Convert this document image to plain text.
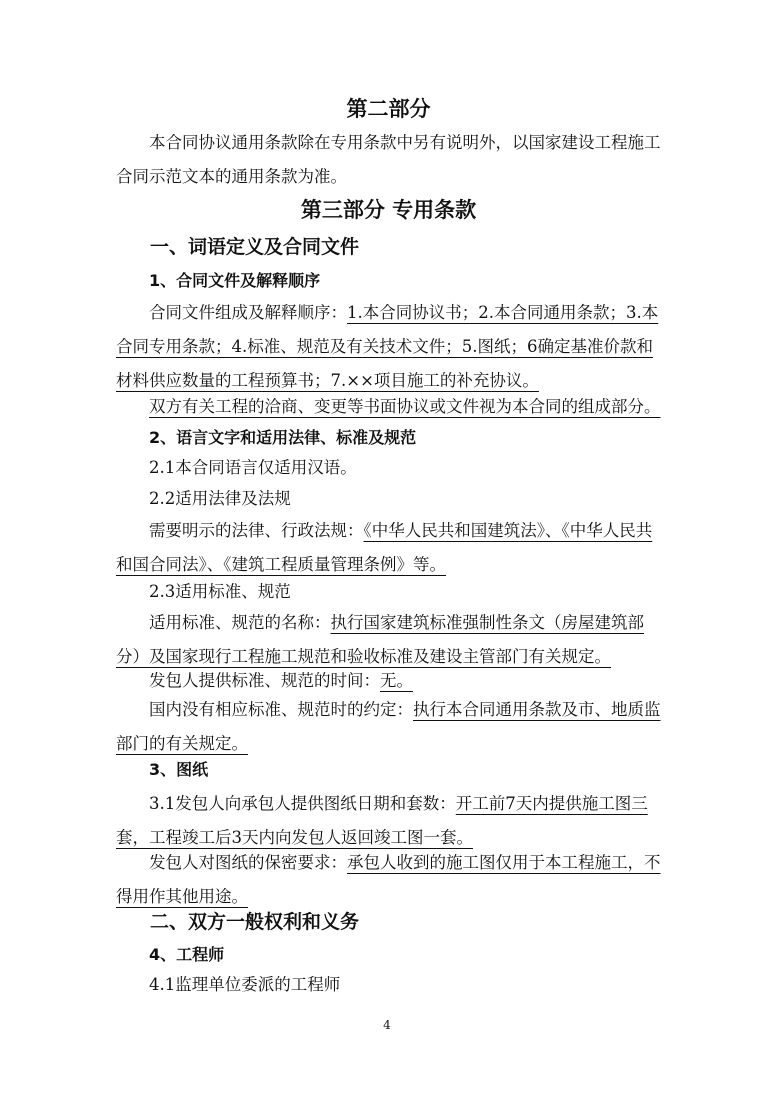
第二部分

本合同协议通用条款除在专用条款中另有说明外，以国家建设工程施工合同示范文本的通用条款为准。

第三部分 专用条款
一、词语定义及合同文件
1、合同文件及解释顺序

合同文件组成及解释顺序：1.本合同协议书；2.本合同通用条款；3.本合同专用条款；4.标准、规范及有关技术文件；5.图纸；6确定基准价款和材料供应数量的工程预算书；7.××项目施工的补充协议。

双方有关工程的洽商、变更等书面协议或文件视为本合同的组成部分。

2、语言文字和适用法律、标准及规范

2.1本合同语言仅适用汉语。

2.2适用法律及法规

需要明示的法律、行政法规：《中华人民共和国建筑法》、《中华人民共和国合同法》、《建筑工程质量管理条例》等。

2.3适用标准、规范

适用标准、规范的名称：执行国家建筑标准强制性条文（房屋建筑部分）及国家现行工程施工规范和验收标准及建设主管部门有关规定。

发包人提供标准、规范的时间：无。

国内没有相应标准、规范时的约定：执行本合同通用条款及市、地质监部门的有关规定。

3、图纸

3.1发包人向承包人提供图纸日期和套数：开工前7天内提供施工图三套，工程竣工后3天内向发包人返回竣工图一套。

发包人对图纸的保密要求：承包人收到的施工图仅用于本工程施工，不得用作其他用途。

二、双方一般权利和义务
4、工程师

4.1监理单位委派的工程师

4
